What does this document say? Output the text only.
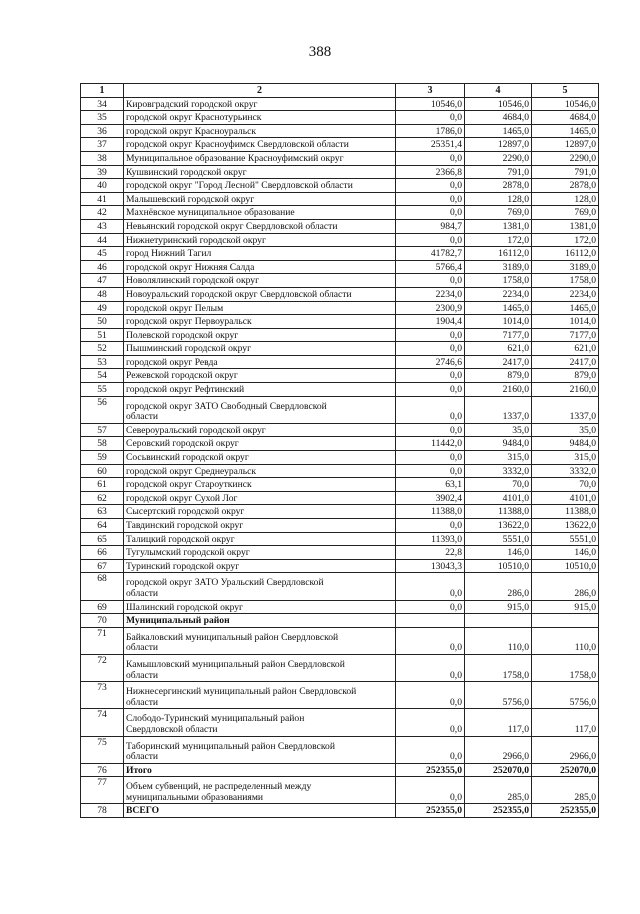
388
1	2	3	4	5
34	Кировградский городской округ	10546,0	10546,0	10546,0
35	городской округ Краснотурьинск	0,0	4684,0	4684,0
36	городской округ Красноуральск	1786,0	1465,0	1465,0
37	городской округ Красноуфимск Свердловской области	25351,4	12897,0	12897,0
38	Муниципальное образование Красноуфимский округ	0,0	2290,0	2290,0
39	Кушвинский городской округ	2366,8	791,0	791,0
40	городской округ "Город Лесной" Свердловской области	0,0	2878,0	2878,0
41	Малышевский городской округ	0,0	128,0	128,0
42	Махнёвское муниципальное образование	0,0	769,0	769,0
43	Невьянский городской округ Свердловской области	984,7	1381,0	1381,0
44	Нижнетуринский городской округ	0,0	172,0	172,0
45	город Нижний Тагил	41782,7	16112,0	16112,0
46	городской округ Нижняя Салда	5766,4	3189,0	3189,0
47	Новолялинский городской округ	0,0	1758,0	1758,0
48	Новоуральский городской округ Свердловской области	2234,0	2234,0	2234,0
49	городской округ Пелым	2300,9	1465,0	1465,0
50	городской округ Первоуральск	1904,4	1014,0	1014,0
51	Полевской городской округ	0,0	7177,0	7177,0
52	Пышминский городской округ	0,0	621,0	621,0
53	городской округ Ревда	2746,6	2417,0	2417,0
54	Режевской городской округ	0,0	879,0	879,0
55	городской округ Рефтинский	0,0	2160,0	2160,0
56	городской округ ЗАТО Свободный Свердловской
области	0,0	1337,0	1337,0
57	Североуральский городской округ	0,0	35,0	35,0
58	Серовский городской округ	11442,0	9484,0	9484,0
59	Сосьвинский городской округ	0,0	315,0	315,0
60	городской округ Среднеуральск	0,0	3332,0	3332,0
61	городской округ Староуткинск	63,1	70,0	70,0
62	городской округ Сухой Лог	3902,4	4101,0	4101,0
63	Сысертский городской округ	11388,0	11388,0	11388,0
64	Тавдинский городской округ	0,0	13622,0	13622,0
65	Талицкий городской округ	11393,0	5551,0	5551,0
66	Тугулымский городской округ	22,8	146,0	146,0
67	Туринский городской округ	13043,3	10510,0	10510,0
68	городской округ ЗАТО Уральский Свердловской
области	0,0	286,0	286,0
69	Шалинский городской округ	0,0	915,0	915,0
70	Муниципальный район			

71	Байкаловский муниципальный район Свердловской
области	0,0	110,0	110,0
72	Камышловский муниципальный район Свердловской
области	0,0	1758,0	1758,0
73	Нижнесергинский муниципальный район Свердловской
области	0,0	5756,0	5756,0
74	Слободо-Туринский муниципальный район
Свердловской области	0,0	117,0	117,0
75	Таборинский муниципальный район Свердловской
области	0,0	2966,0	2966,0
76	Итого	252355,0	252070,0	252070,0
77	Объем субвенций, не распределенный между
муниципальными образованиями	0,0	285,0	285,0
78	ВСЕГО	252355,0	252355,0	252355,0
